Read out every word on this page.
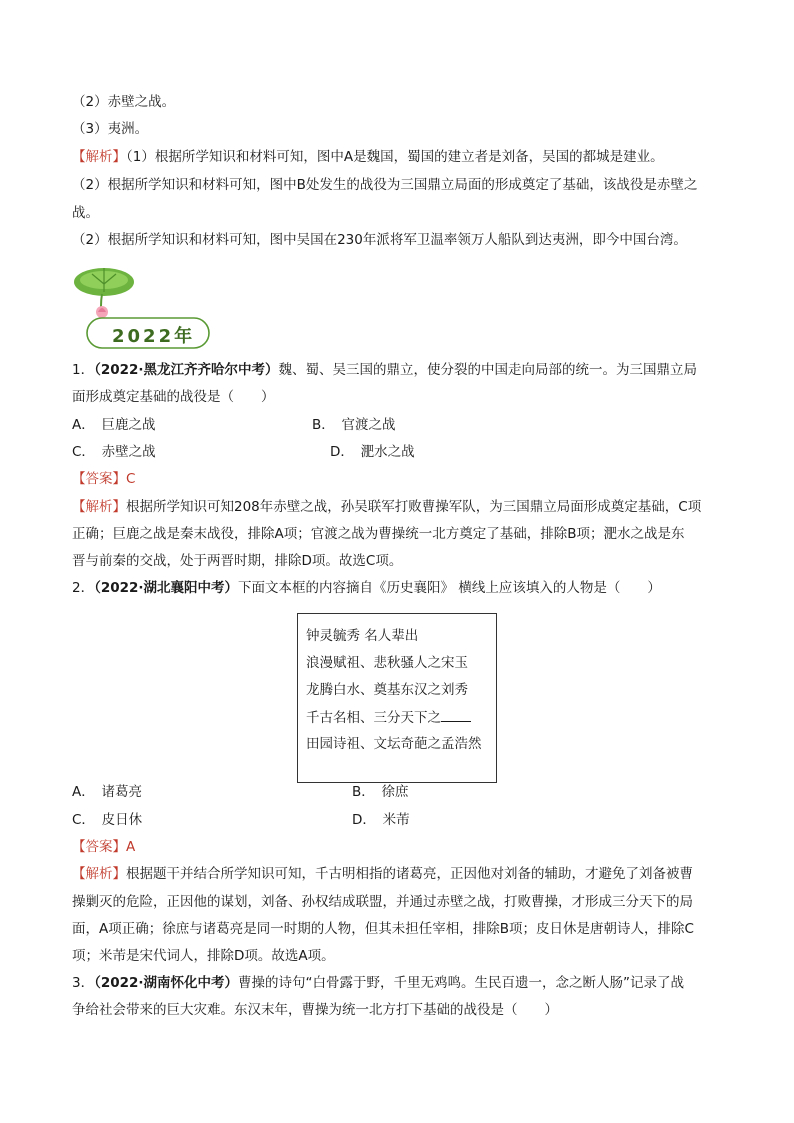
（2）赤壁之战。
（3）夷洲。
【解析】（1）根据所学知识和材料可知，图中A是魏国，蜀国的建立者是刘备，吴国的都城是建业。
（2）根据所学知识和材料可知，图中B处发生的战役为三国鼎立局面的形成奠定了基础，该战役是赤壁之
战。
（2）根据所学知识和材料可知，图中吴国在230年派将军卫温率领万人船队到达夷洲，即今中国台湾。
2022年
1．（2022·黑龙江齐齐哈尔中考）魏、蜀、吴三国的鼎立，使分裂的中国走向局部的统一。为三国鼎立局
面形成奠定基础的战役是（　　）
A．　巨鹿之战	B．　官渡之战
C．　赤壁之战	D．　淝水之战
【答案】C
【解析】根据所学知识可知208年赤壁之战，孙吴联军打败曹操军队，为三国鼎立局面形成奠定基础，C项
正确；巨鹿之战是秦末战役，排除A项；官渡之战为曹操统一北方奠定了基础，排除B项；淝水之战是东
晋与前秦的交战，处于两晋时期，排除D项。故选C项。
2．（2022·湖北襄阳中考）下面文本框的内容摘自《历史襄阳》 横线上应该填入的人物是（　　）
钟灵毓秀 名人辈出
浪漫赋祖、悲秋骚人之宋玉
龙腾白水、奠基东汉之刘秀
千古名相、三分天下之
田园诗祖、文坛奇葩之孟浩然
A．　诸葛亮	B．　徐庶
C．　皮日休	D．　米芾
【答案】A
【解析】根据题干并结合所学知识可知，千古明相指的诸葛亮，正因他对刘备的辅助，才避免了刘备被曹
操剿灭的危险，正因他的谋划，刘备、孙权结成联盟，并通过赤壁之战，打败曹操，才形成三分天下的局
面，A项正确；徐庶与诸葛亮是同一时期的人物，但其未担任宰相，排除B项；皮日休是唐朝诗人，排除C
项；米芾是宋代词人，排除D项。故选A项。
3．（2022·湖南怀化中考）曹操的诗句“白骨露于野，千里无鸡鸣。生民百遗一，念之断人肠”记录了战
争给社会带来的巨大灾难。东汉末年，曹操为统一北方打下基础的战役是（　　）
